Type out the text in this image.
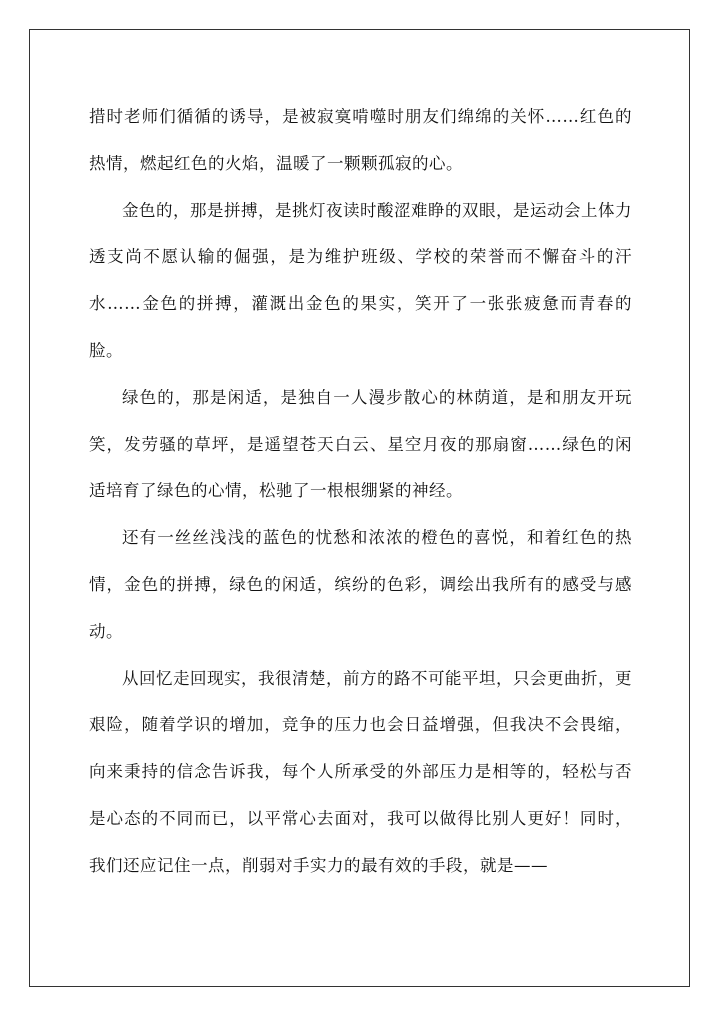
措时老师们循循的诱导，是被寂寞啃噬时朋友们绵绵的关怀……红色的热情，燃起红色的火焰，温暖了一颗颗孤寂的心。

金色的，那是拼搏，是挑灯夜读时酸涩难睁的双眼，是运动会上体力透支尚不愿认输的倔强，是为维护班级、学校的荣誉而不懈奋斗的汗水……金色的拼搏，灌溉出金色的果实，笑开了一张张疲惫而青春的脸。

绿色的，那是闲适，是独自一人漫步散心的林荫道，是和朋友开玩笑，发劳骚的草坪，是遥望苍天白云、星空月夜的那扇窗……绿色的闲适培育了绿色的心情，松驰了一根根绷紧的神经。

还有一丝丝浅浅的蓝色的忧愁和浓浓的橙色的喜悦，和着红色的热情，金色的拼搏，绿色的闲适，缤纷的色彩，调绘出我所有的感受与感动。

从回忆走回现实，我很清楚，前方的路不可能平坦，只会更曲折，更艰险，随着学识的增加，竞争的压力也会日益增强，但我决不会畏缩，向来秉持的信念告诉我，每个人所承受的外部压力是相等的，轻松与否是心态的不同而已，以平常心去面对，我可以做得比别人更好！同时，我们还应记住一点，削弱对手实力的最有效的手段，就是——
